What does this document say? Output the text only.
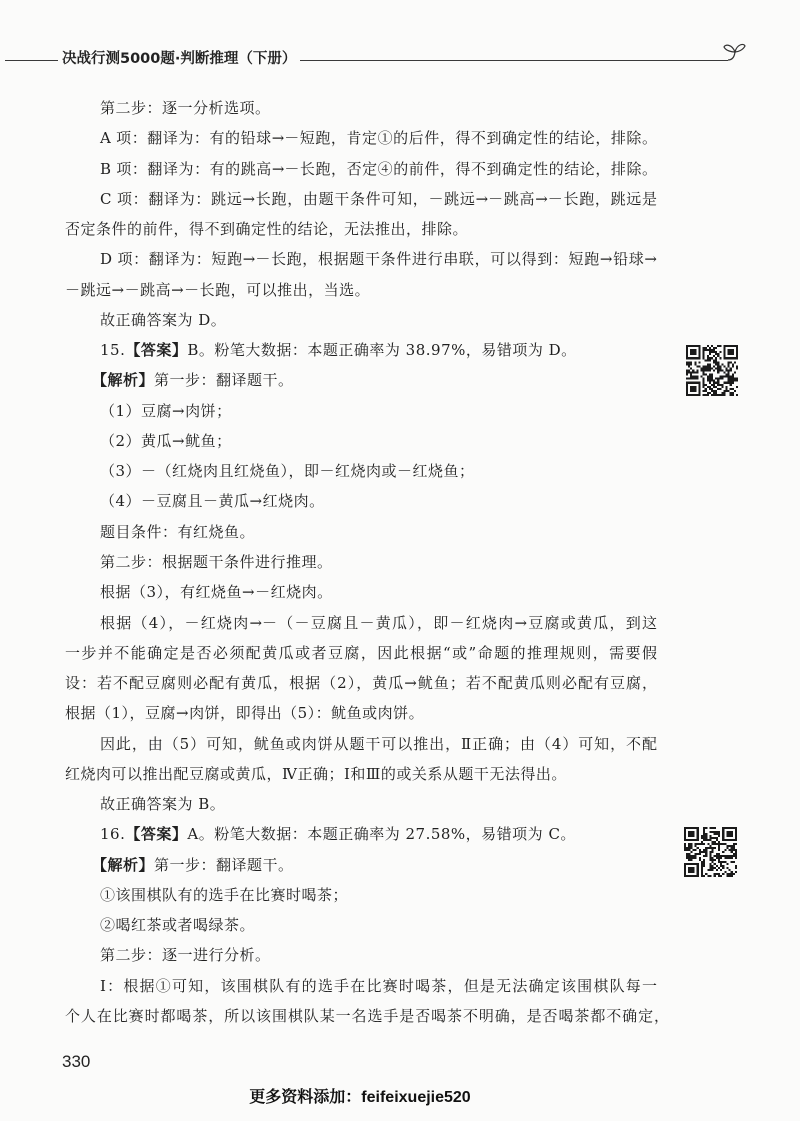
决战行测5000题·判断推理（下册）
第二步：逐一分析选项。
A 项：翻译为：有的铅球→－短跑，肯定①的后件，得不到确定性的结论，排除。
B 项：翻译为：有的跳高→－长跑，否定④的前件，得不到确定性的结论，排除。
C 项：翻译为：跳远→长跑，由题干条件可知，－跳远→－跳高→－长跑，跳远是
否定条件的前件，得不到确定性的结论，无法推出，排除。
D 项：翻译为：短跑→－长跑，根据题干条件进行串联，可以得到：短跑→铅球→
－跳远→－跳高→－长跑，可以推出，当选。
故正确答案为 D。
15.【答案】B。粉笔大数据：本题正确率为 38.97%，易错项为 D。
【解析】第一步：翻译题干。
（1）豆腐→肉饼；
（2）黄瓜→鱿鱼；
（3）－（红烧肉且红烧鱼），即－红烧肉或－红烧鱼；
（4）－豆腐且－黄瓜→红烧肉。
题目条件：有红烧鱼。
第二步：根据题干条件进行推理。
根据（3），有红烧鱼→－红烧肉。
根据（4），－红烧肉→－（－豆腐且－黄瓜），即－红烧肉→豆腐或黄瓜，到这
一步并不能确定是否必须配黄瓜或者豆腐，因此根据“或”命题的推理规则，需要假
设：若不配豆腐则必配有黄瓜，根据（2），黄瓜→鱿鱼；若不配黄瓜则必配有豆腐，
根据（1），豆腐→肉饼，即得出（5）：鱿鱼或肉饼。
因此，由（5）可知，鱿鱼或肉饼从题干可以推出，Ⅱ正确；由（4）可知，不配
红烧肉可以推出配豆腐或黄瓜，Ⅳ正确；Ⅰ和Ⅲ的或关系从题干无法得出。
故正确答案为 B。
16.【答案】A。粉笔大数据：本题正确率为 27.58%，易错项为 C。
【解析】第一步：翻译题干。
①该围棋队有的选手在比赛时喝茶；
②喝红茶或者喝绿茶。
第二步：逐一进行分析。
Ⅰ：根据①可知，该围棋队有的选手在比赛时喝茶，但是无法确定该围棋队每一
个人在比赛时都喝茶，所以该围棋队某一名选手是否喝茶不明确，是否喝茶都不确定，
330
更多资料添加：feifeixuejie520
